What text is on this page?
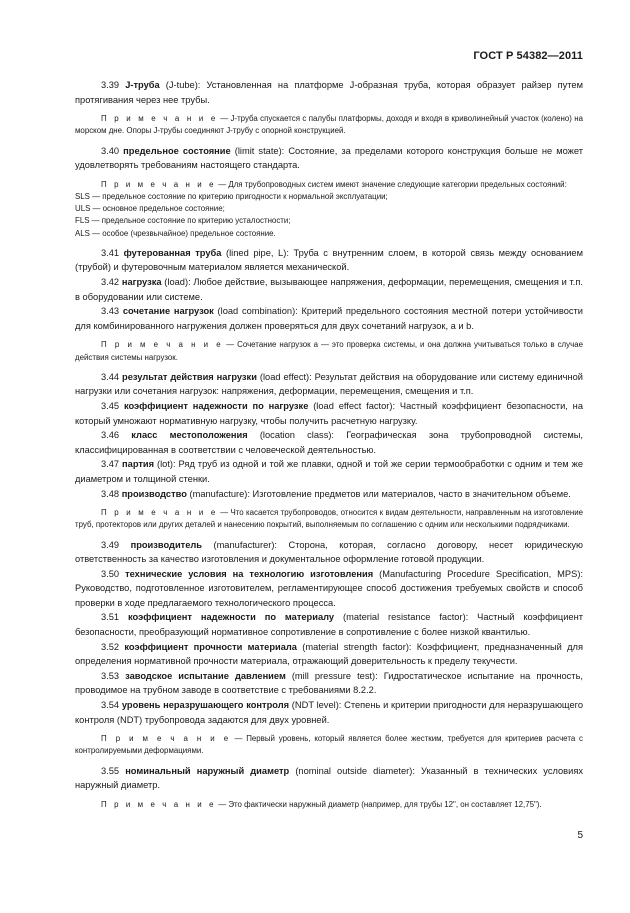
ГОСТ Р 54382—2011

3.39 J-труба (J-tube): Установленная на платформе J-образная труба, которая образует райзер путем протягивания через нее трубы.

П р и м е ч а н и е — J-труба спускается с палубы платформы, доходя и входя в криволинейный участок (колено) на морском дне. Опоры J-трубы соединяют J-трубу с опорной конструкцией.

3.40 предельное состояние (limit state): Состояние, за пределами которого конструкция больше не может удовлетворять требованиям настоящего стандарта.

П р и м е ч а н и е — Для трубопроводных систем имеют значение следующие категории предельных состояний:

SLS — предельное состояние по критерию пригодности к нормальной эксплуатации;

ULS — основное предельное состояние;

FLS — предельное состояние по критерию усталостности;

ALS — особое (чрезвычайное) предельное состояние.

3.41 футерованная труба (lined pipe, L): Труба с внутренним слоем, в которой связь между основанием (трубой) и футеровочным материалом является механической.

3.42 нагрузка (load): Любое действие, вызывающее напряжения, деформации, перемещения, смещения и т.п. в оборудовании или системе.

3.43 сочетание нагрузок (load combination): Критерий предельного состояния местной потери устойчивости для комбинированного нагружения должен проверяться для двух сочетаний нагрузок, a и b.

П р и м е ч а н и е — Сочетание нагрузок a — это проверка системы, и она должна учитываться только в случае действия системы нагрузок.

3.44 результат действия нагрузки (load effect): Результат действия на оборудование или систему единичной нагрузки или сочетания нагрузок: напряжения, деформации, перемещения, смещения и т.п.

3.45 коэффициент надежности по нагрузке (load effect factor): Частный коэффициент безопасности, на который умножают нормативную нагрузку, чтобы получить расчетную нагрузку.

3.46 класс местоположения (location class): Географическая зона трубопроводной системы, классифицированная в соответствии с человеческой деятельностью.

3.47 партия (lot): Ряд труб из одной и той же плавки, одной и той же серии термообработки с одним и тем же диаметром и толщиной стенки.

3.48 производство (manufacture): Изготовление предметов или материалов, часто в значительном объеме.

П р и м е ч а н и е — Что касается трубопроводов, относится к видам деятельности, направленным на изготовление труб, протекторов или других деталей и нанесению покрытий, выполняемым по соглашению с одним или несколькими подрядчиками.

3.49 производитель (manufacturer): Сторона, которая, согласно договору, несет юридическую ответственность за качество изготовления и документальное оформление готовой продукции.

3.50 технические условия на технологию изготовления (Manufacturing Procedure Specification, MPS): Руководство, подготовленное изготовителем, регламентирующее способ достижения требуемых свойств и способ проверки в ходе предлагаемого технологического процесса.

3.51 коэффициент надежности по материалу (material resistance factor): Частный коэффициент безопасности, преобразующий нормативное сопротивление в сопротивление с более низкой квантилью.

3.52 коэффициент прочности материала (material strength factor): Коэффициент, предназначенный для определения нормативной прочности материала, отражающий доверительность к пределу текучести.

3.53 заводское испытание давлением (mill pressure test): Гидростатическое испытание на прочность, проводимое на трубном заводе в соответствие с требованиями 8.2.2.

3.54 уровень неразрушающего контроля (NDT level): Степень и критерии пригодности для неразрушающего контроля (NDT) трубопровода задаются для двух уровней.

П р и м е ч а н и е — Первый уровень, который является более жестким, требуется для критериев расчета с контролируемыми деформациями.

3.55 номинальный наружный диаметр (nominal outside diameter): Указанный в технических условиях наружный диаметр.

П р и м е ч а н и е — Это фактически наружный диаметр (например, для трубы 12", он составляет 12,75").

5
